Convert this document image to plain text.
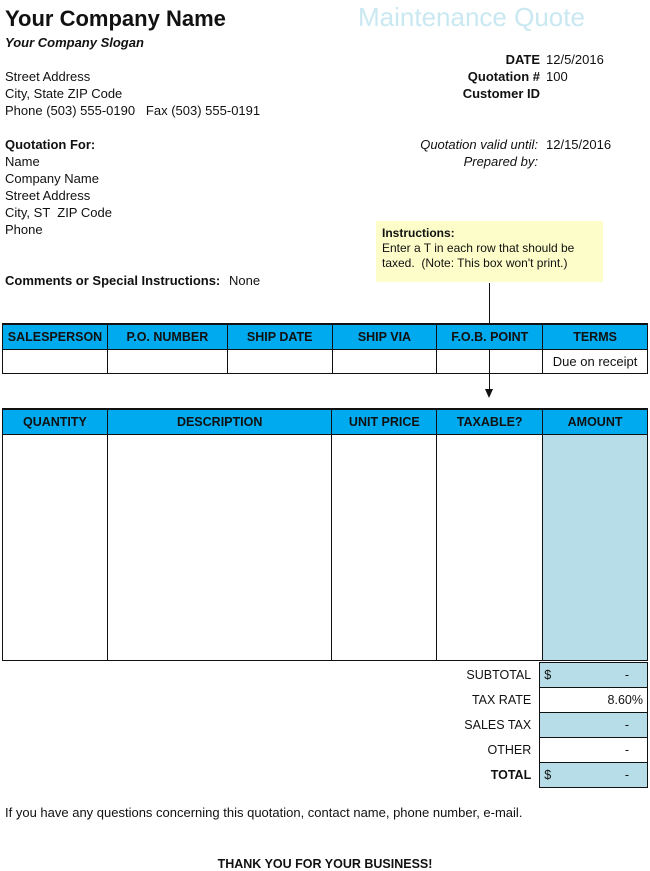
Your Company Name
Your Company Slogan
Maintenance Quote
Street Address
City, State ZIP Code
Phone (503) 555-0190   Fax (503) 555-0191
DATE 12/5/2016
Quotation # 100
Customer ID
Quotation valid until: 12/15/2016
Prepared by:
Quotation For:
Name
Company Name
Street Address
City, ST  ZIP Code
Phone	Instructions:
Enter a T in each row that should be taxed.  (Note: This box won't print.)
Comments or Special Instructions: None
SALESPERSON	P.O. NUMBER	SHIP DATE	SHIP VIA	F.O.B. POINT	TERMS
					Due on receipt
QUANTITY	DESCRIPTION	UNIT PRICE	TAXABLE?	AMOUNT

SUBTOTAL	$ -

TAX RATE	8.60%
SALES TAX	-
OTHER	-
TOTAL	$ -
If you have any questions concerning this quotation, contact name, phone number, e-mail.
THANK YOU FOR YOUR BUSINESS!
